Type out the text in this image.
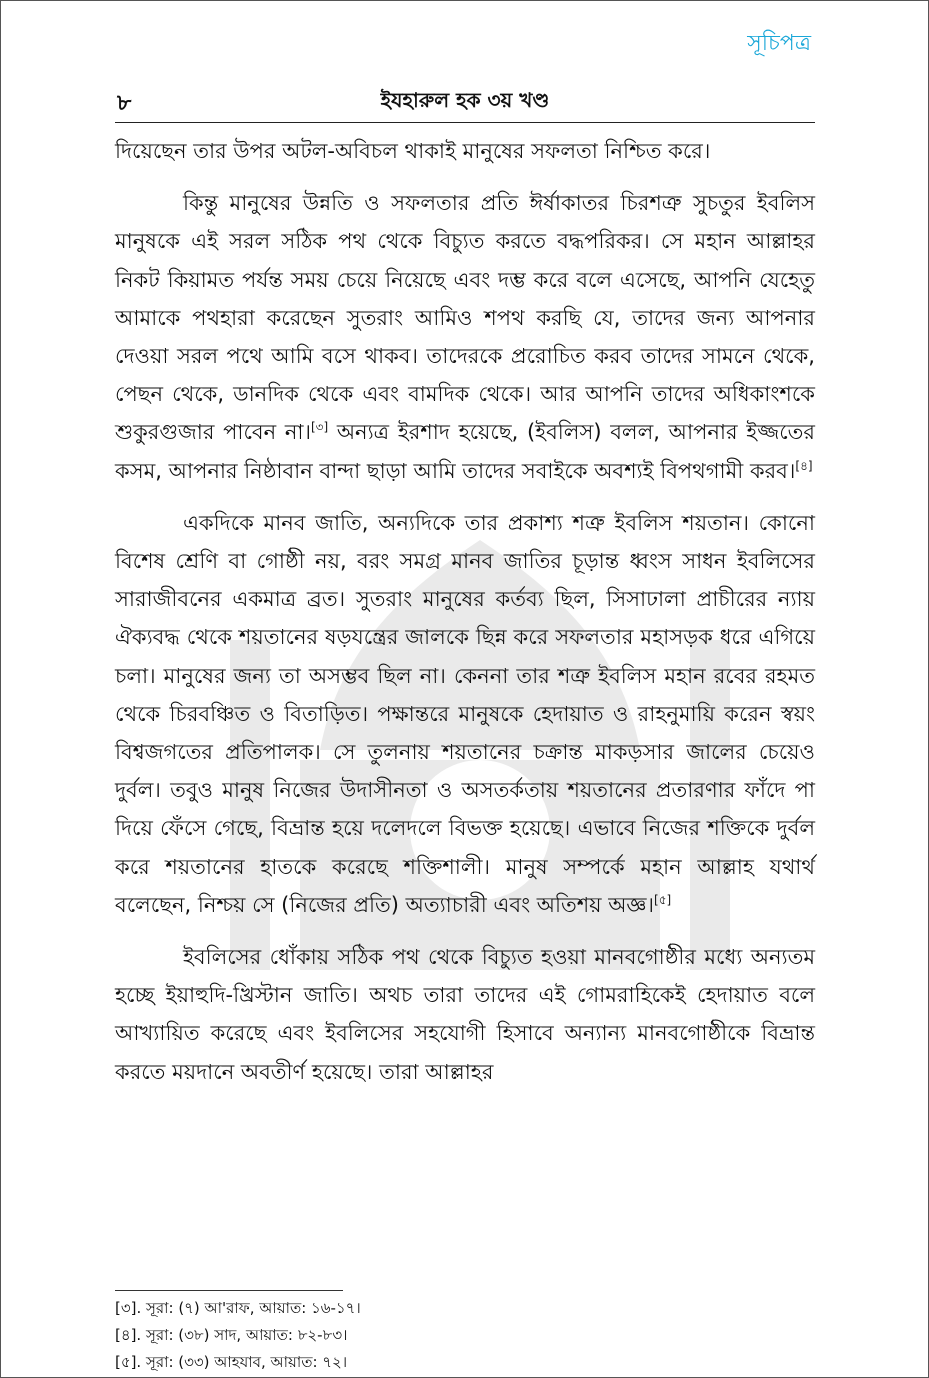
সূচিপত্র
৮	ইযহারুল হক ৩য় খণ্ড

দিয়েছেন তার উপর অটল-অবিচল থাকাই মানুষের সফলতা নিশ্চিত করে।

কিন্তু মানুষের উন্নতি ও সফলতার প্রতি ঈর্ষাকাতর চিরশত্রু সুচতুর ইবলিস মানুষকে এই সরল সঠিক পথ থেকে বিচ্যুত করতে বদ্ধপরিকর। সে মহান আল্লাহর নিকট কিয়ামত পর্যন্ত সময় চেয়ে নিয়েছে এবং দম্ভ করে বলে এসেছে, আপনি যেহেতু আমাকে পথহারা করেছেন সুতরাং আমিও শপথ করছি যে, তাদের জন্য আপনার দেওয়া সরল পথে আমি বসে থাকব। তাদেরকে প্ররোচিত করব তাদের সামনে থেকে, পেছন থেকে, ডানদিক থেকে এবং বামদিক থেকে। আর আপনি তাদের অধিকাংশকে শুকুরগুজার পাবেন না।[৩] অন্যত্র ইরশাদ হয়েছে, (ইবলিস) বলল, আপনার ইজ্জতের কসম, আপনার নিষ্ঠাবান বান্দা ছাড়া আমি তাদের সবাইকে অবশ্যই বিপথগামী করব।[৪]

একদিকে মানব জাতি, অন্যদিকে তার প্রকাশ্য শত্রু ইবলিস শয়তান। কোনো বিশেষ শ্রেণি বা গোষ্ঠী নয়, বরং সমগ্র মানব জাতির চূড়ান্ত ধ্বংস সাধন ইবলিসের সারাজীবনের একমাত্র ব্রত। সুতরাং মানুষের কর্তব্য ছিল, সিসাঢালা প্রাচীরের ন্যায় ঐক্যবদ্ধ থেকে শয়তানের ষড়যন্ত্রের জালকে ছিন্ন করে সফলতার মহাসড়ক ধরে এগিয়ে চলা। মানুষের জন্য তা অসম্ভব ছিল না। কেননা তার শত্রু ইবলিস মহান রবের রহমত থেকে চিরবঞ্চিত ও বিতাড়িত। পক্ষান্তরে মানুষকে হেদায়াত ও রাহনুমায়ি করেন স্বয়ং বিশ্বজগতের প্রতিপালক। সে তুলনায় শয়তানের চক্রান্ত মাকড়সার জালের চেয়েও দুর্বল। তবুও মানুষ নিজের উদাসীনতা ও অসতর্কতায় শয়তানের প্রতারণার ফাঁদে পা দিয়ে ফেঁসে গেছে, বিভ্রান্ত হয়ে দলেদলে বিভক্ত হয়েছে। এভাবে নিজের শক্তিকে দুর্বল করে শয়তানের হাতকে করেছে শক্তিশালী। মানুষ সম্পর্কে মহান আল্লাহ যথার্থ বলেছেন, নিশ্চয় সে (নিজের প্রতি) অত্যাচারী এবং অতিশয় অজ্ঞ।[৫]

ইবলিসের ধোঁকায় সঠিক পথ থেকে বিচ্যুত হওয়া মানবগোষ্ঠীর মধ্যে অন্যতম হচ্ছে ইয়াহুদি-খ্রিস্টান জাতি। অথচ তারা তাদের এই গোমরাহিকেই হেদায়াত বলে আখ্যায়িত করেছে এবং ইবলিসের সহযোগী হিসাবে অন্যান্য মানবগোষ্ঠীকে বিভ্রান্ত করতে ময়দানে অবতীর্ণ হয়েছে। তারা আল্লাহর

[৩]. সূরা: (৭) আ'রাফ, আয়াত: ১৬-১৭।
[৪]. সূরা: (৩৮) সাদ, আয়াত: ৮২-৮৩।
[৫]. সূরা: (৩৩) আহযাব, আয়াত: ৭২।
